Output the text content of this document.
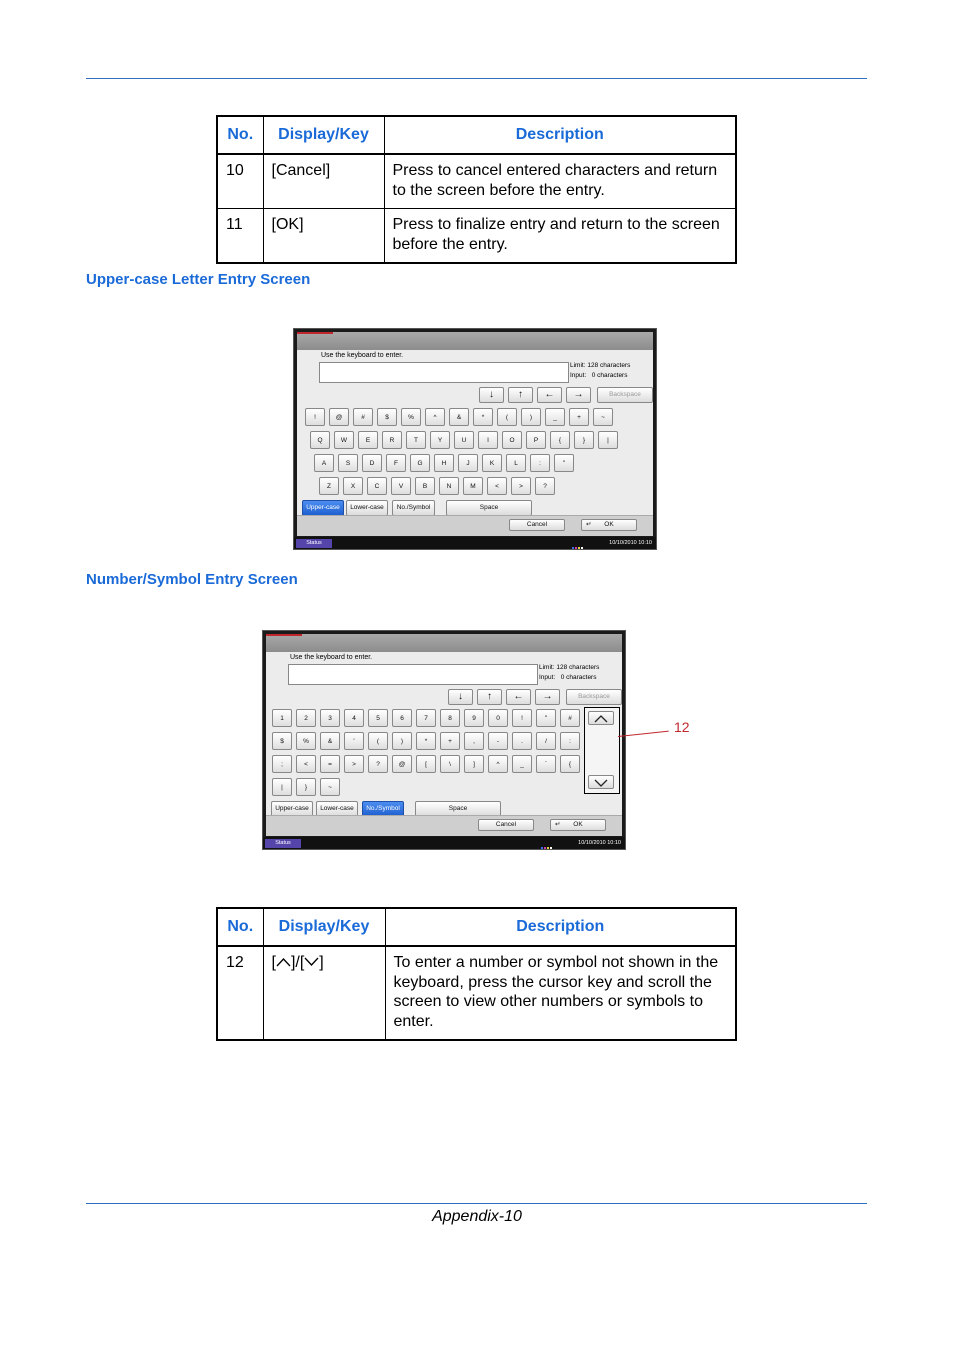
No.	Display/Key	Description
10	[Cancel]	Press to cancel entered characters and return to the screen before the entry.
11	[OK]	Press to finalize entry and return to the screen before the entry.
Upper-case Letter Entry Screen
Use the keyboard to enter.
Limit: 128 characters
Input: 0 characters
↓	↑	←	→	Backspace
!	@	#	$	%	^	&	*	(	)	_	+	~
Q	W	E	R	T	Y	U	I	O	P	{	}	|
A	S	D	F	G	H	J	K	L	:	"
Z	X	C	V	B	N	M	<	>	?
Upper-case	Lower-case	No./Symbol	Space
Cancel	↵ OK
Status	10/10/2010 10:10
Number/Symbol Entry Screen
Use the keyboard to enter.
Limit: 128 characters
Input: 0 characters
↓	↑	←	→	Backspace
1	2	3	4	5	6	7	8	9	0	!	"	#
$	%	&	'	(	)	*	+	,	-	.	/	:
;	<	=	>	?	@	[	\	]	^	_	`	{
|	}	~
Upper-case	Lower-case	No./Symbol	Space
Cancel	↵ OK
Status	10/10/2010 10:10
12
No.	Display/Key	Description
12	[ ]/[ ]	To enter a number or symbol not shown in the keyboard, press the cursor key and scroll the screen to view other numbers or symbols to enter.
Appendix-10
